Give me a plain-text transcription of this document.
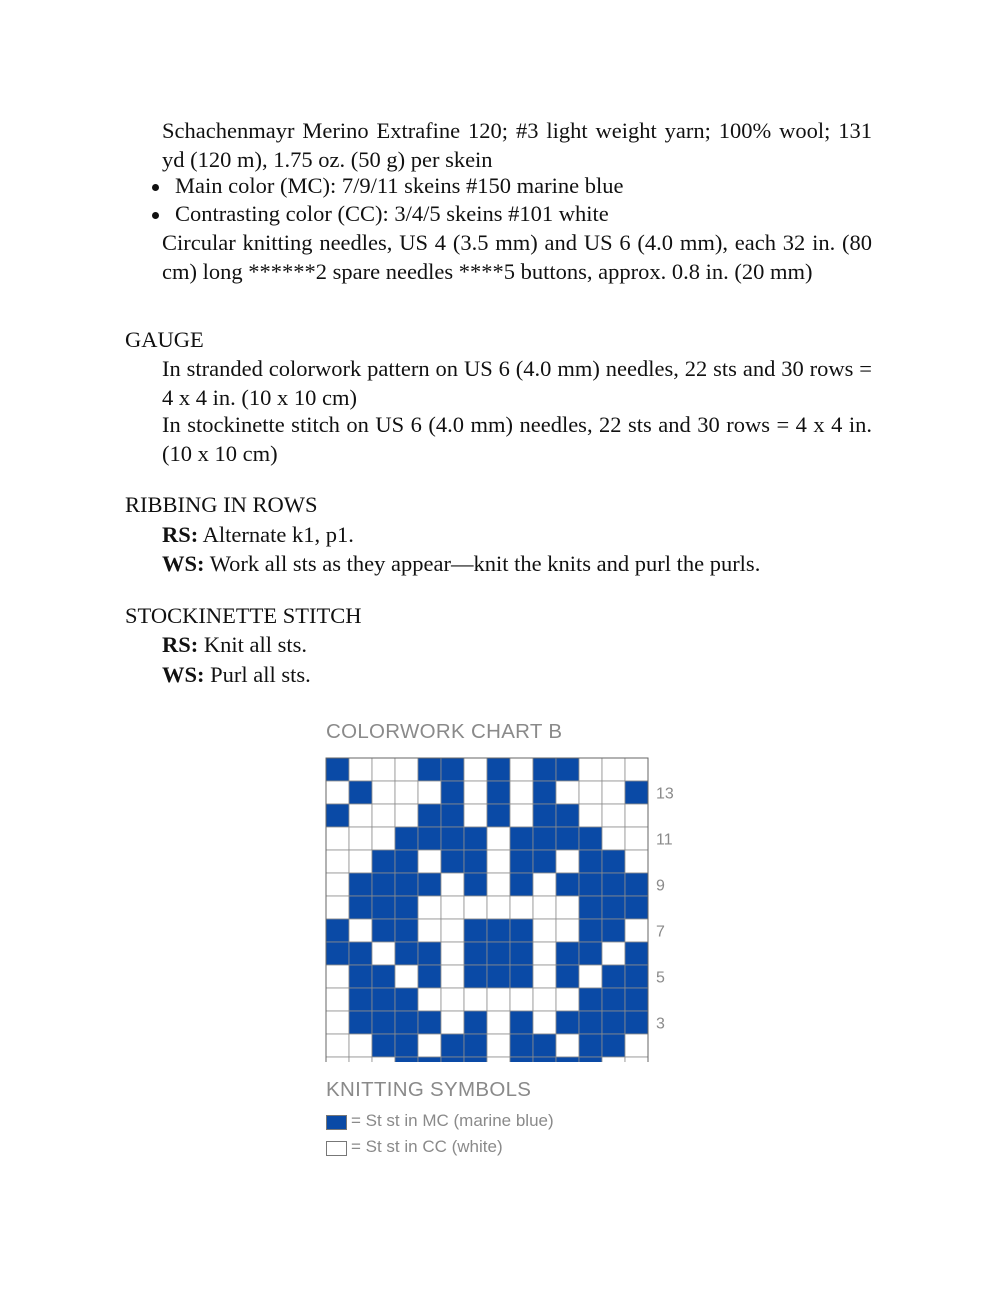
Schachenmayr Merino Extrafine 120; #3 light weight yarn; 100% wool; 131 yd (120 m), 1.75 oz. (50 g) per skein
Main color (MC): 7/9/11 skeins #150 marine blue
Contrasting color (CC): 3/4/5 skeins #101 white
Circular knitting needles, US 4 (3.5 mm) and US 6 (4.0 mm), each 32 in. (80 cm) long ******2 spare needles ****5 buttons, approx. 0.8 in. (20 mm)
GAUGE
In stranded colorwork pattern on US 6 (4.0 mm) needles, 22 sts and 30 rows = 4 x 4 in. (10 x 10 cm)
In stockinette stitch on US 6 (4.0 mm) needles, 22 sts and 30 rows = 4 x 4 in. (10 x 10 cm)
RIBBING IN ROWS
RS: Alternate k1, p1.
WS: Work all sts as they appear—knit the knits and purl the purls.
STOCKINETTE STITCH
RS: Knit all sts.
WS: Purl all sts.
COLORWORK CHART B
3
5
7
9
11
13
KNITTING SYMBOLS
= St st in MC (marine blue)
= St st in CC (white)
